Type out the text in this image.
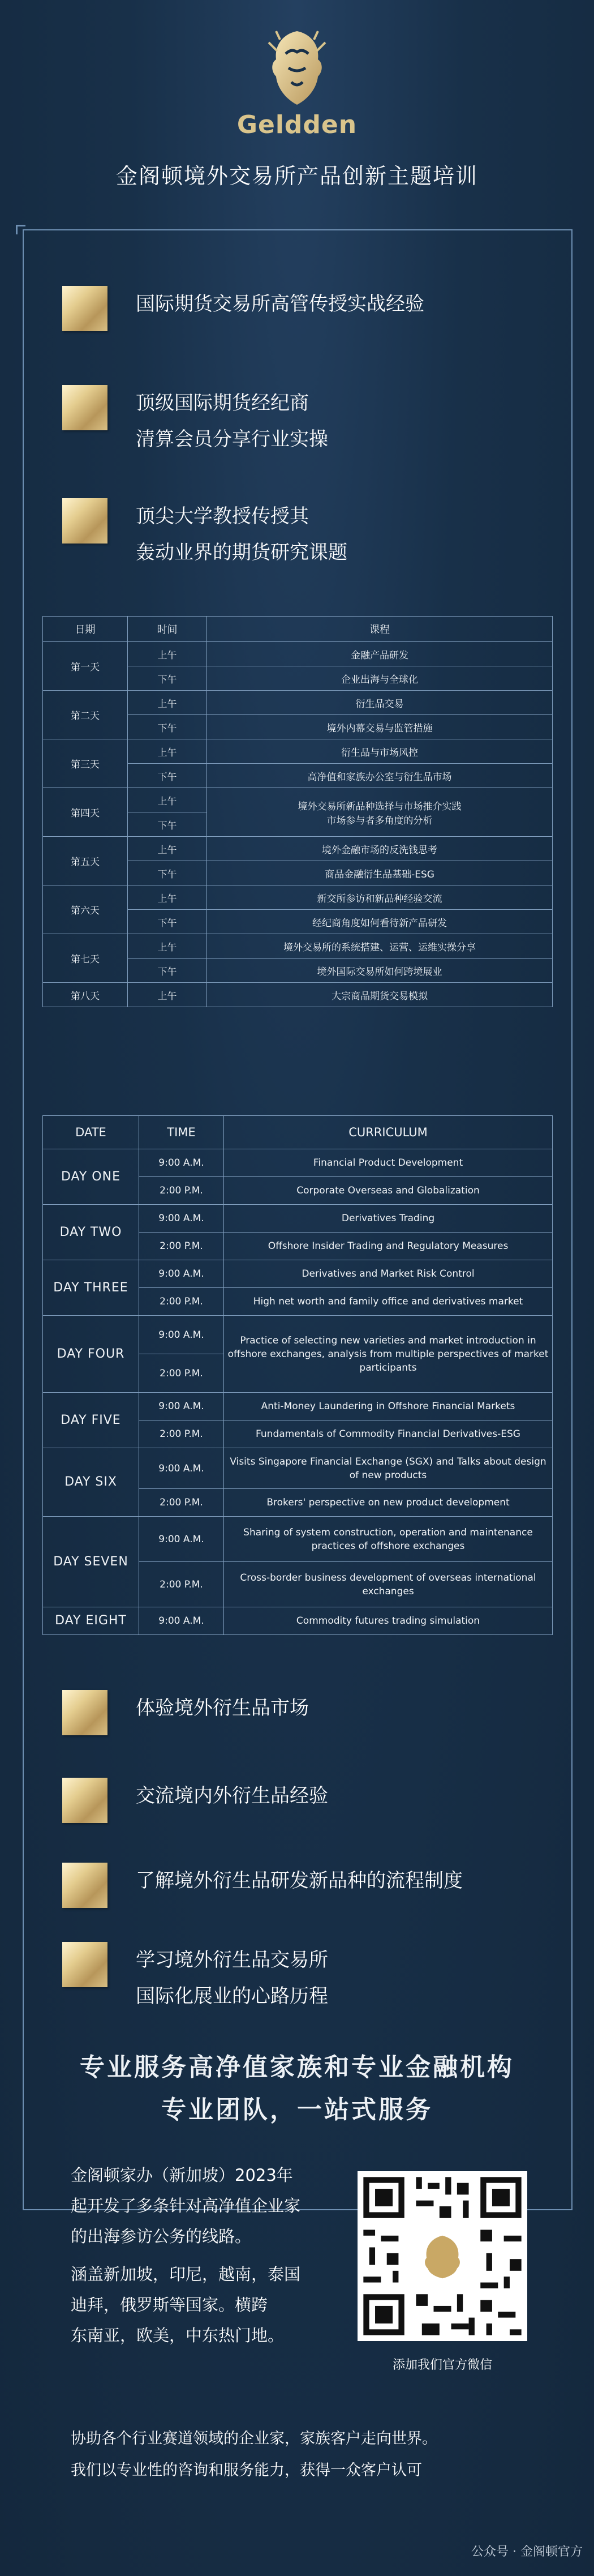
Geldden
金阁顿境外交易所产品创新主题培训
国际期货交易所高管传授实战经验
顶级国际期货经纪商
清算会员分享行业实操
顶尖大学教授传授其
轰动业界的期货研究课题
日期	时间	课程
第一天	上午	金融产品研发
	下午	企业出海与全球化
第二天	上午	衍生品交易
	下午	境外内幕交易与监管措施
第三天	上午	衍生品与市场风控
	下午	高净值和家族办公室与衍生品市场
第四天	上午	境外交易所新品种选择与市场推介实践
市场参与者多角度的分析

	下午	
第五天	上午	境外金融市场的反洗钱思考
	下午	商品金融衍生品基础-ESG
第六天	上午	新交所参访和新品种经验交流
	下午	经纪商角度如何看待新产品研发
第七天	上午	境外交易所的系统搭建、运营、运维实操分享
	下午	境外国际交易所如何跨境展业
第八天	上午	大宗商品期货交易模拟
DATE	TIME	CURRICULUM
DAY ONE	9:00 A.M.	Financial Product Development
	2:00 P.M.	Corporate Overseas and Globalization
DAY TWO	9:00 A.M.	Derivatives Trading
	2:00 P.M.	Offshore Insider Trading and Regulatory Measures
DAY THREE	9:00 A.M.	Derivatives and Market Risk Control
	2:00 P.M.	High net worth and family office and derivatives market
DAY FOUR	9:00 A.M.	Practice of selecting new varieties and market introduction in offshore exchanges, analysis from multiple perspectives of market participants
	2:00 P.M.	
DAY FIVE	9:00 A.M.	Anti-Money Laundering in Offshore Financial Markets
	2:00 P.M.	Fundamentals of Commodity Financial Derivatives-ESG
DAY SIX	9:00 A.M.	Visits Singapore Financial Exchange (SGX) and Talks about design of new products
	2:00 P.M.	Brokers' perspective on new product development
DAY SEVEN	9:00 A.M.	Sharing of system construction, operation and maintenance practices of offshore exchanges
	2:00 P.M.	Cross-border business development of overseas international exchanges
DAY EIGHT	9:00 A.M.	Commodity futures trading simulation
体验境外衍生品市场
交流境内外衍生品经验
了解境外衍生品研发新品种的流程制度
学习境外衍生品交易所
国际化展业的心路历程
专业服务高净值家族和专业金融机构
专业团队，一站式服务
金阁顿家办（新加坡）2023年
起开发了多条针对高净值企业家
的出海参访公务的线路。
涵盖新加坡，印尼，越南，泰国
迪拜，俄罗斯等国家。横跨
东南亚，欧美，中东热门地。
添加我们官方微信
协助各个行业赛道领域的企业家，家族客户走向世界。
我们以专业性的咨询和服务能力，获得一众客户认可
公众号 · 金阁顿官方
